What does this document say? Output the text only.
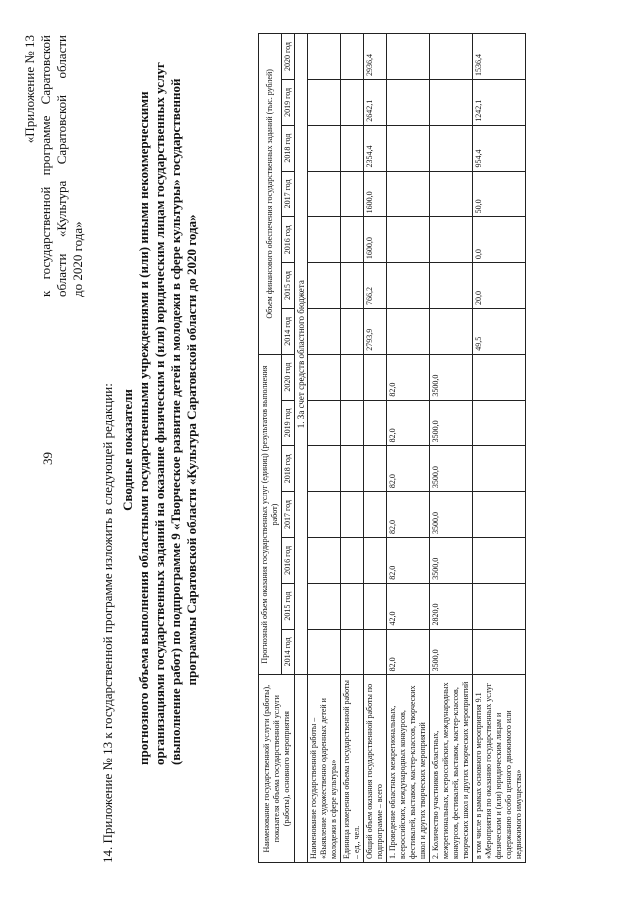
39	14. Приложение № 13 к государственной программе изложить в следующей редакции:
«Приложение № 13 к государственной программе Саратовской области «Культура Саратовской области до 2020 года»
Сводные показатели прогнозного объема выполнения областными государственными учреждениями и (или) иными некоммерческими организациями государственных заданий на оказание физическим и (или) юридическим лицам государственных услуг (выполнение работ) по подпрограмме 9 «Творческое развитие детей и молодежи в сфере культуры» государственной программы Саратовской области «Культура Саратовской области до 2020 года»
Наименование государственной услуги (работы), показателя объема государственной услуги (работы), основного мероприятия	Прогнозный объем оказания государственных услуг (единиц) (результатов выполнения работ)							Объем финансового обеспечения государственных заданий (тыс. рублей)						
	2014 год	2015 год	2016 год	2017 год	2018 год	2019 год	2020 год	2014 год	2015 год	2016 год	2017 год	2018 год	2019 год	2020 год
	1. За счет средств областного бюджета													
Наименование государственной работы – «Выявление художественно одаренных детей и молодежи в сфере культуры»														
Единица измерения объема государственной работы – ед., чел.														
Общий объем оказания государственной работы по подпрограмме – всего								2793,9	766,2	1600,0	1600,0	2354,4	2642,1	2936,4
1. Проведение областных межрегиональных, всероссийских, международных конкурсов, фестивалей, выставок, мастер-классов, творческих школ и других творческих мероприятий	82,0	42,0	82,0	82,0	82,0	82,0	82,0							
2. Количество участников областных, межрегиональных, всероссийских, международных конкурсов, фестивалей, выставок, мастер-классов, творческих школ и других творческих мероприятий	3500,0	2820,0	3500,0	3500,0	3500,0	3500,0	3500,0							
в том числе в рамках основного мероприятия 9.1 «Мероприятия по оказанию государственных услуг физическим и (или) юридическим лицам и содержанию особо ценного движимого или недвижимого имущества»								49,5	20,0	0,0	50,0	954,4	1242,1	1536,4
